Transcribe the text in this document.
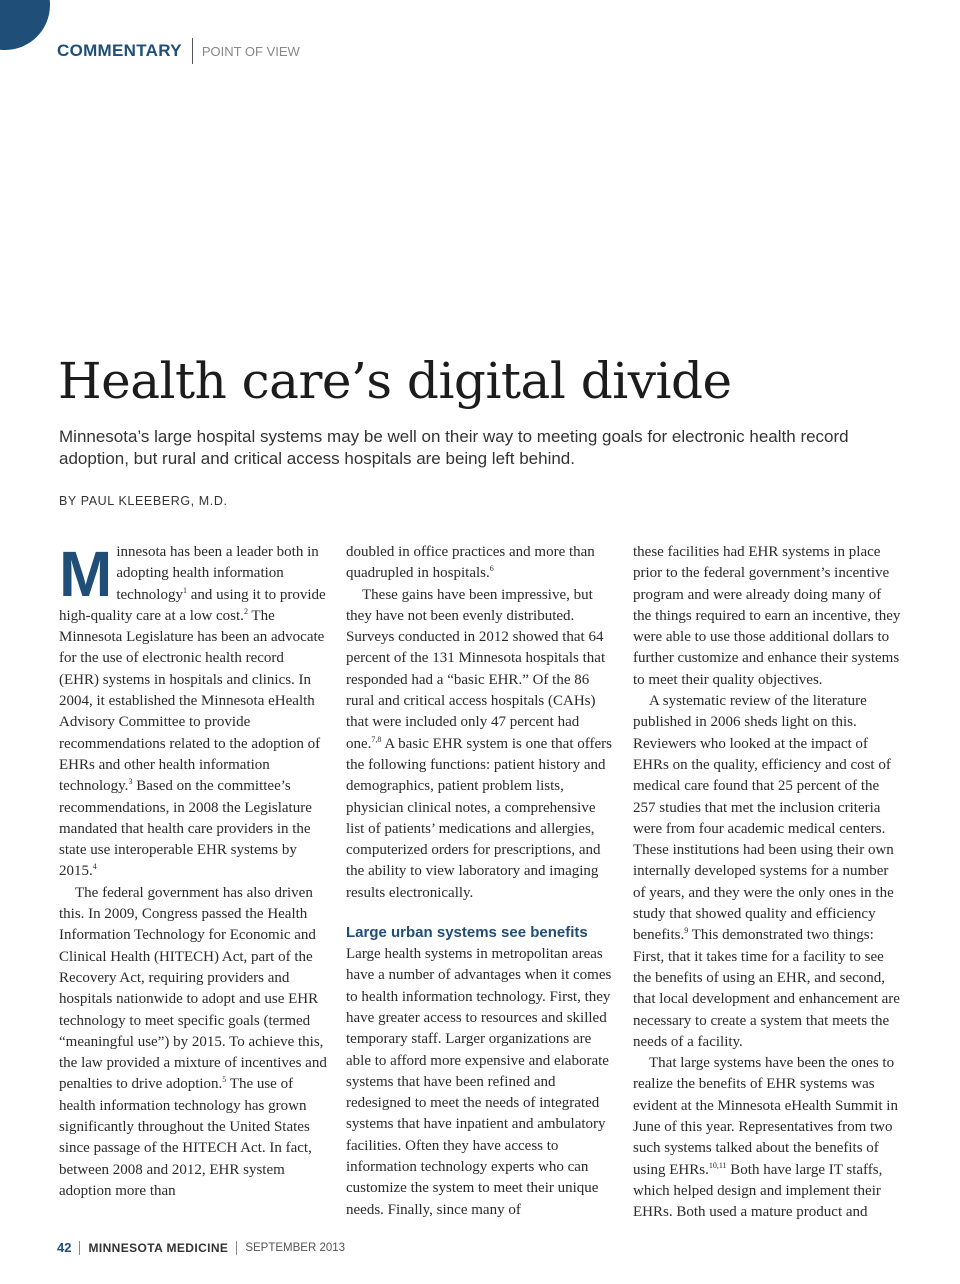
COMMENTARY POINT OF VIEW
Health care’s digital divide

Minnesota’s large hospital systems may be well on their way to meeting goals for electronic health record adoption, but rural and critical access hospitals are being left behind.

BY PAUL KLEEBERG, M.D.

Minnesota has been a leader both in adopting health information technology$^1$ and using it to provide high-quality care at a low cost.$^2$ The Minnesota Legislature has been an advocate for the use of electronic health record (EHR) systems in hospitals and clinics. In 2004, it established the Minnesota eHealth Advisory Committee to provide recommendations related to the adoption of EHRs and other health information technology.$^3$ Based on the committee’s recommendations, in 2008 the Legislature mandated that health care providers in the state use interoperable EHR systems by 2015.$^4$

The federal government has also driven this. In 2009, Congress passed the Health Information Technology for Economic and Clinical Health (HITECH) Act, part of the Recovery Act, requiring providers and hospitals nationwide to adopt and use EHR technology to meet specific goals (termed “meaningful use”) by 2015. To achieve this, the law provided a mixture of incentives and penalties to drive adoption.$^5$ The use of health information technology has grown significantly throughout the United States since passage of the HITECH Act. In fact, between 2008 and 2012, EHR system adoption more than

doubled in office practices and more than quadrupled in hospitals.$^6$

These gains have been impressive, but they have not been evenly distributed. Surveys conducted in 2012 showed that 64 percent of the 131 Minnesota hospitals that responded had a “basic EHR.” Of the 86 rural and critical access hospitals (CAHs) that were included only 47 percent had one.$^{7,8}$ A basic EHR system is one that offers the following functions: patient history and demographics, patient problem lists, physician clinical notes, a comprehensive list of patients’ medications and allergies, computerized orders for prescriptions, and the ability to view laboratory and imaging results electronically.

Large urban systems see benefits

Large health systems in metropolitan areas have a number of advantages when it comes to health information technology. First, they have greater access to resources and skilled temporary staff. Larger organizations are able to afford more expensive and elaborate systems that have been refined and redesigned to meet the needs of integrated systems that have inpatient and ambulatory facilities. Often they have access to information technology experts who can customize the system to meet their unique needs. Finally, since many of

these facilities had EHR systems in place prior to the federal government’s incentive program and were already doing many of the things required to earn an incentive, they were able to use those additional dollars to further customize and enhance their systems to meet their quality objectives.

A systematic review of the literature published in 2006 sheds light on this. Reviewers who looked at the impact of EHRs on the quality, efficiency and cost of medical care found that 25 percent of the 257 studies that met the inclusion criteria were from four academic medical centers. These institutions had been using their own internally developed systems for a number of years, and they were the only ones in the study that showed quality and efficiency benefits.$^9$ This demonstrated two things: First, that it takes time for a facility to see the benefits of using an EHR, and second, that local development and enhancement are necessary to create a system that meets the needs of a facility.

That large systems have been the ones to realize the benefits of EHR systems was evident at the Minnesota eHealth Summit in June of this year. Representatives from two such systems talked about the benefits of using EHRs.$^{10,11}$ Both have large IT staffs, which helped design and implement their EHRs. Both used a mature product and

42 MINNESOTA MEDICINE SEPTEMBER 2013
